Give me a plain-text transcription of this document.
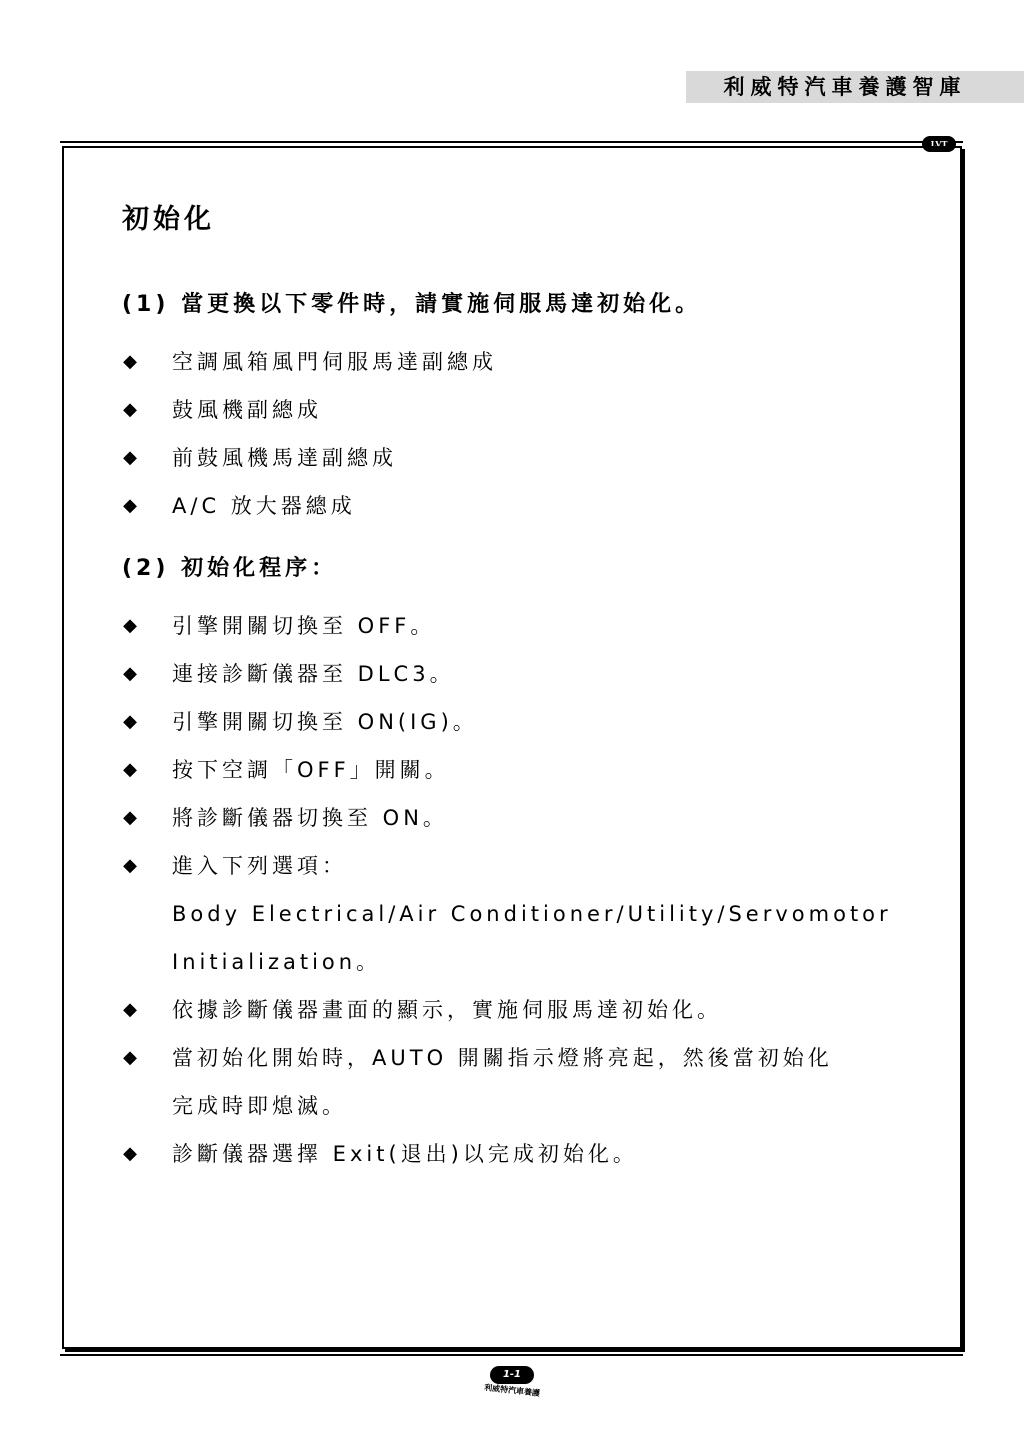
利威特汽車養護智庫
LVT
初始化
(1) 當更換以下零件時，請實施伺服馬達初始化。
◆ 空調風箱風門伺服馬達副總成
◆ 鼓風機副總成
◆ 前鼓風機馬達副總成
◆ A/C 放大器總成
(2) 初始化程序：
◆ 引擎開關切換至 OFF。
◆ 連接診斷儀器至 DLC3。
◆ 引擎開關切換至 ON(IG)。
◆ 按下空調「OFF」開關。
◆ 將診斷儀器切換至 ON。
◆ 進入下列選項：
Body Electrical/Air Conditioner/Utility/Servomotor
Initialization。
◆ 依據診斷儀器畫面的顯示，實施伺服馬達初始化。
◆ 當初始化開始時，AUTO 開關指示燈將亮起，然後當初始化
完成時即熄滅。
◆ 診斷儀器選擇 Exit(退出)以完成初始化。
1-1
利威特汽車養護
